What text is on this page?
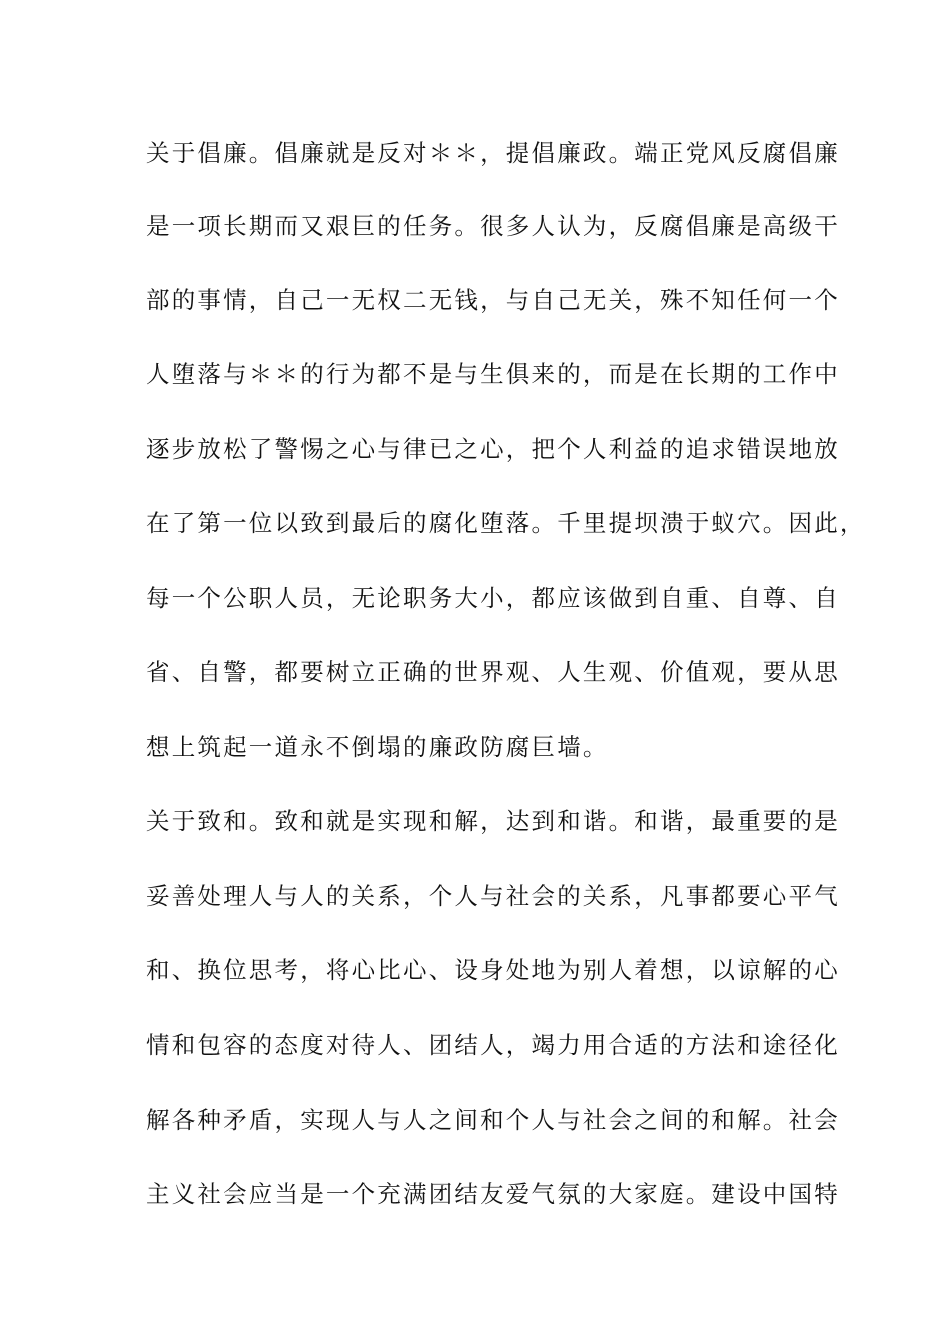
关于倡廉。倡廉就是反对＊＊，提倡廉政。端正党风反腐倡廉
是一项长期而又艰巨的任务。很多人认为，反腐倡廉是高级干
部的事情，自己一无权二无钱，与自己无关，殊不知任何一个
人堕落与＊＊的行为都不是与生俱来的，而是在长期的工作中
逐步放松了警惕之心与律已之心，把个人利益的追求错误地放
在了第一位以致到最后的腐化堕落。千里提坝溃于蚁穴。因此，
每一个公职人员，无论职务大小，都应该做到自重、自尊、自
省、自警，都要树立正确的世界观、人生观、价值观，要从思
想上筑起一道永不倒塌的廉政防腐巨墙。
关于致和。致和就是实现和解，达到和谐。和谐，最重要的是
妥善处理人与人的关系，个人与社会的关系，凡事都要心平气
和、换位思考，将心比心、设身处地为别人着想，以谅解的心
情和包容的态度对待人、团结人，竭力用合适的方法和途径化
解各种矛盾，实现人与人之间和个人与社会之间的和解。社会
主义社会应当是一个充满团结友爱气氛的大家庭。建设中国特
